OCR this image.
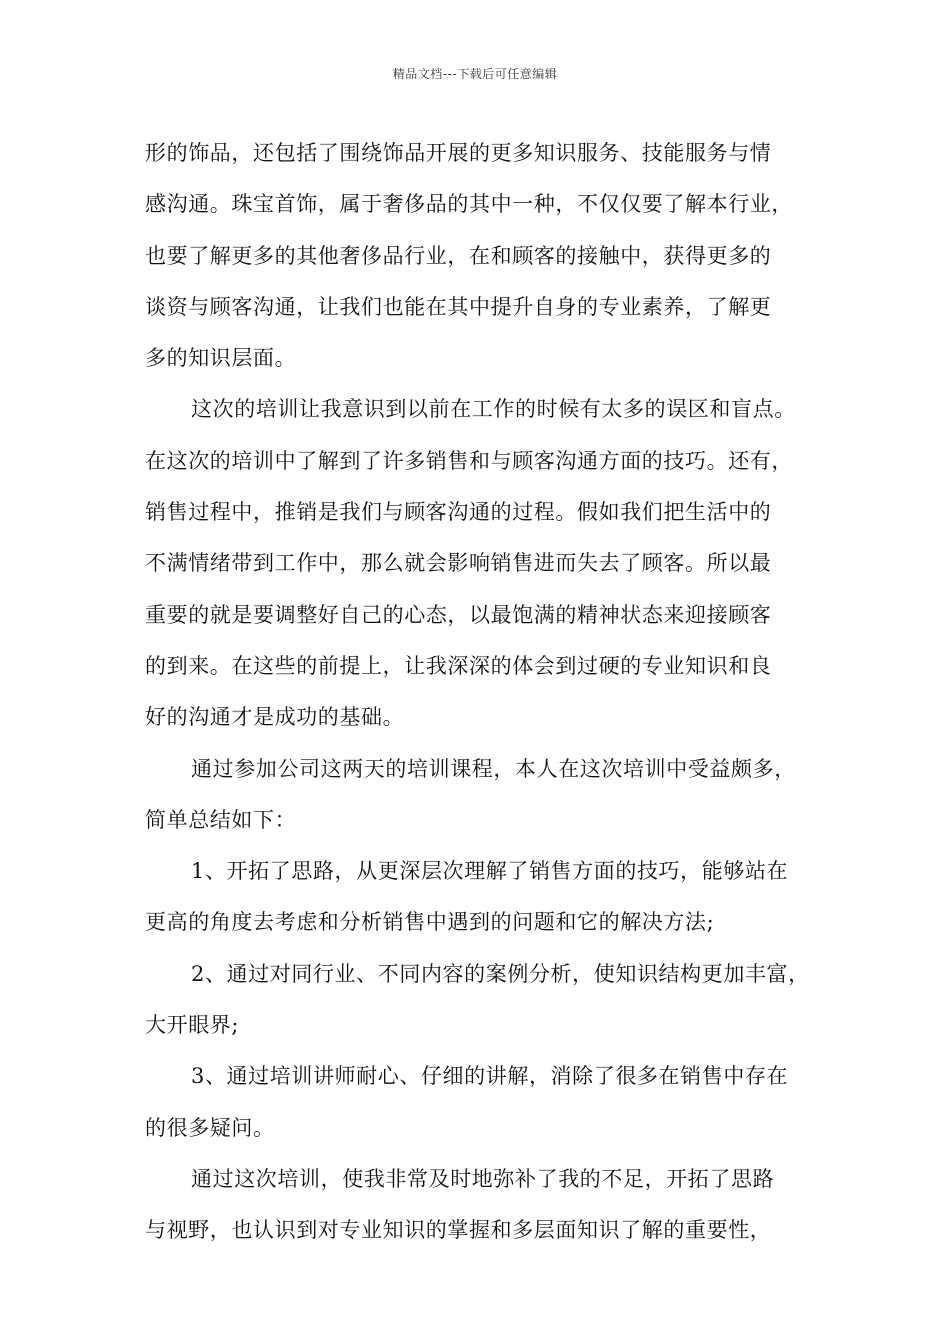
精品文档---下载后可任意编辑
形的饰品，还包括了围绕饰品开展的更多知识服务、技能服务与情
感沟通。珠宝首饰，属于奢侈品的其中一种，不仅仅要了解本行业，
也要了解更多的其他奢侈品行业，在和顾客的接触中，获得更多的
谈资与顾客沟通，让我们也能在其中提升自身的专业素养，了解更
多的知识层面。
这次的培训让我意识到以前在工作的时候有太多的误区和盲点。
在这次的培训中了解到了许多销售和与顾客沟通方面的技巧。还有，
销售过程中，推销是我们与顾客沟通的过程。假如我们把生活中的
不满情绪带到工作中，那么就会影响销售进而失去了顾客。所以最
重要的就是要调整好自己的心态，以最饱满的精神状态来迎接顾客
的到来。在这些的前提上，让我深深的体会到过硬的专业知识和良
好的沟通才是成功的基础。
通过参加公司这两天的培训课程，本人在这次培训中受益颇多，
简单总结如下：
1、开拓了思路，从更深层次理解了销售方面的技巧，能够站在
更高的角度去考虑和分析销售中遇到的问题和它的解决方法;
2、通过对同行业、不同内容的案例分析，使知识结构更加丰富，
大开眼界;
3、通过培训讲师耐心、仔细的讲解，消除了很多在销售中存在
的很多疑问。
通过这次培训，使我非常及时地弥补了我的不足，开拓了思路
与视野，也认识到对专业知识的掌握和多层面知识了解的重要性，
